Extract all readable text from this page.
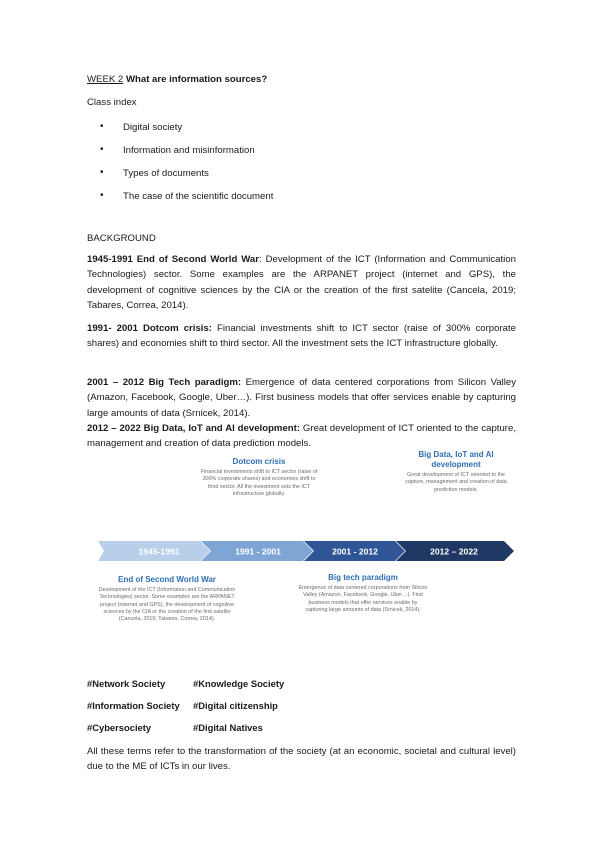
WEEK 2 What are information sources?
Class index
• Digital society
• Information and misinformation
• Types of documents
• The case of the scientific document
BACKGROUND

1945-1991 End of Second World War: Development of the ICT (Information and Communication Technologies) sector. Some examples are the ARPANET project (internet and GPS), the development of cognitive sciences by the CIA or the creation of the first satelite (Cancela, 2019; Tabares, Correa, 2014).

1991- 2001 Dotcom crisis: Financial investments shift to ICT sector (raise of 300% corporate shares) and economies shift to third sector. All the investment sets the ICT infrastructure globally.

2001 – 2012 Big Tech paradigm: Emergence of data centered corporations from Silicon Valley (Amazon, Facebook, Google, Uber…). First business models that offer services enable by capturing large amounts of data (Srnicek, 2014).

2012 – 2022 Big Data, IoT and AI development: Great development of ICT oriented to the capture, management and creation of data prediction models.

Dotcom crisis
Financial investments shift to ICT sector (raise of 300% corporate shares) and economies shift to third sector. All the investment sets the ICT infrastructure globally.
Big Data, IoT and AI development
Great development of ICT oriented to the capture, management and creation of data prediction models.
1945-1991	1991 - 2001	2001 - 2012	2012 – 2022
End of Second World War
Development of the ICT (Information and Communication Technologies) sector. Some examples are the ARPANET project (internet and GPS), the development of cognitive sciences by the CIA or the creation of the first satelite (Cancela, 2019; Tabares, Correa, 2014).
Big tech paradigm
Emergence of data centered corporations from Silicon Valley (Amazon, Facebook, Google, Uber…). First business models that offer services enable by capturing large amounts of data (Srnicek, 2014).
#Network Society	#Knowledge Society
#Information Society #Digital citizenship
#Cybersociety	#Digital Natives

All these terms refer to the transformation of the society (at an economic, societal and cultural level) due to the ME of ICTs in our lives.
